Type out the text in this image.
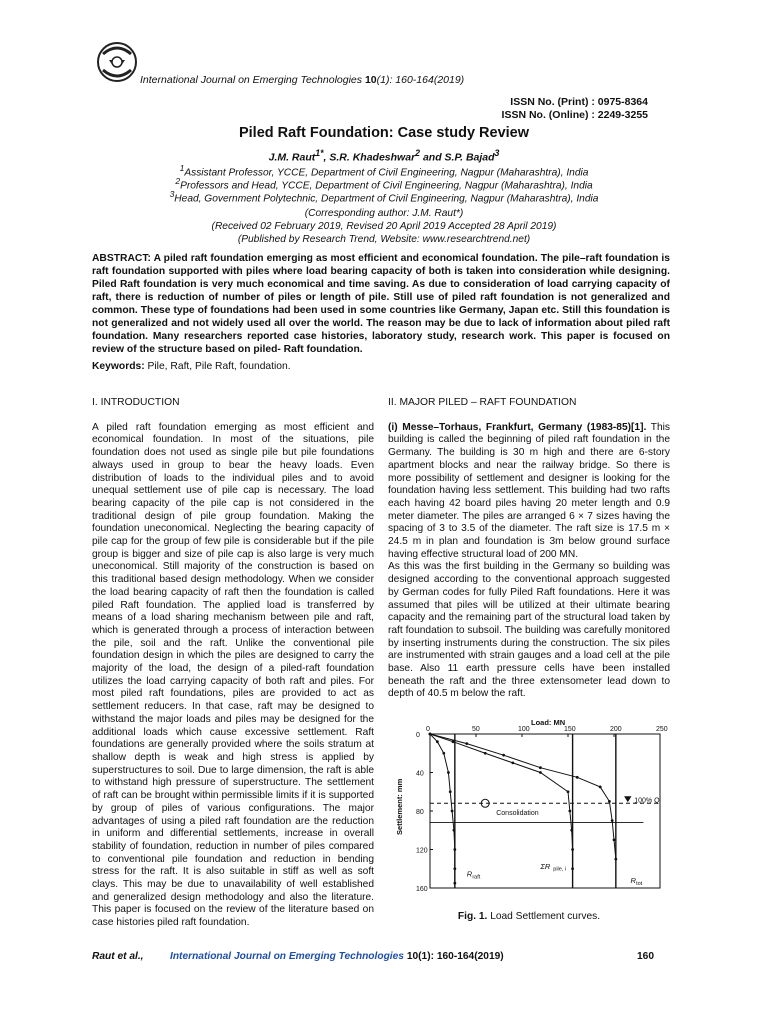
International Journal on Emerging Technologies 10(1): 160-164(2019)
ISSN No. (Print) : 0975-8364
ISSN No. (Online) : 2249-3255
Piled Raft Foundation: Case study Review
J.M. Raut$^{1*}$, S.R. Khadeshwar$^2$ and S.P. Bajad$^3$
$^1$Assistant Professor, YCCE, Department of Civil Engineering, Nagpur (Maharashtra), India
$^2$Professors and Head, YCCE, Department of Civil Engineering, Nagpur (Maharashtra), India
$^3$Head, Government Polytechnic, Department of Civil Engineering, Nagpur (Maharashtra), India
(Corresponding author: J.M. Raut*)
(Received 02 February 2019, Revised 20 April 2019 Accepted 28 April 2019)
(Published by Research Trend, Website: www.researchtrend.net)
ABSTRACT: A piled raft foundation emerging as most efficient and economical foundation. The pile–raft foundation is raft foundation supported with piles where load bearing capacity of both is taken into consideration while designing. Piled Raft foundation is very much economical and time saving. As due to consideration of load carrying capacity of raft, there is reduction of number of piles or length of pile. Still use of piled raft foundation is not generalized and common. These type of foundations had been used in some countries like Germany, Japan etc. Still this foundation is not generalized and not widely used all over the world. The reason may be due to lack of information about piled raft foundation. Many researchers reported case histories, laboratory study, research work. This paper is focused on review of the structure based on piled- Raft foundation.
Keywords: Pile, Raft, Pile Raft, foundation.
I. INTRODUCTION

A piled raft foundation emerging as most efficient and economical foundation. In most of the situations, pile foundation does not used as single pile but pile foundations always used in group to bear the heavy loads. Even distribution of loads to the individual piles and to avoid unequal settlement use of pile cap is necessary. The load bearing capacity of the pile cap is not considered in the traditional design of pile group foundation. Making the foundation uneconomical. Neglecting the bearing capacity of pile cap for the group of few pile is considerable but if the pile group is bigger and size of pile cap is also large is very much uneconomical. Still majority of the construction is based on this traditional based design methodology. When we consider the load bearing capacity of raft then the foundation is called piled Raft foundation. The applied load is transferred by means of a load sharing mechanism between pile and raft, which is generated through a process of interaction between the pile, soil and the raft. Unlike the conventional pile foundation design in which the piles are designed to carry the majority of the load, the design of a piled-raft foundation utilizes the load carrying capacity of both raft and piles. For most piled raft foundations, piles are provided to act as settlement reducers. In that case, raft may be designed to withstand the major loads and piles may be designed for the additional loads which cause excessive settlement. Raft foundations are generally provided where the soils stratum at shallow depth is weak and high stress is applied by superstructures to soil. Due to large dimension, the raft is able to withstand high pressure of superstructure. The settlement of raft can be brought within permissible limits if it is supported by group of piles of various configurations. The major advantages of using a piled raft foundation are the reduction in uniform and differential settlements, increase in overall stability of foundation, reduction in number of piles compared to conventional pile foundation and reduction in bending stress for the raft. It is also suitable in stiff as well as soft clays. This may be due to unavailability of well established and generalized design methodology and also the literature. This paper is focused on the review of the literature based on case histories piled raft foundation.

II. MAJOR PILED – RAFT FOUNDATION

(i) Messe–Torhaus, Frankfurt, Germany (1983-85)[1]. This building is called the beginning of piled raft foundation in the Germany. The building is 30 m high and there are 6-story apartment blocks and near the railway bridge. So there is more possibility of settlement and designer is looking for the foundation having less settlement. This building had two rafts each having 42 board piles having 20 meter length and 0.9 meter diameter. The piles are arranged 6 × 7 sizes having the spacing of 3 to 3.5 of the diameter. The raft size is 17.5 m × 24.5 m in plan and foundation is 3m below ground surface having effective structural load of 200 MN.

As this was the first building in the Germany so building was designed according to the conventional approach suggested by German codes for fully Piled Raft foundations. Here it was assumed that piles will be utilized at their ultimate bearing capacity and the remaining part of the structural load taken by raft foundation to subsoil. The building was carefully monitored by inserting instruments during the construction. The six piles are instrumented with strain gauges and a load cell at the pile base. Also 11 earth pressure cells have been installed beneath the raft and the three extensometer lead down to depth of 40.5 m below the raft.

Load: MN
0	50	100	150	200	250
0
40
80
120
160
Settlement: mm	100% Q
Consolidation
R raft
ΣR pile, i
R tot
Fig. 1. Load Settlement curves.
Raut et al.,	International Journal on Emerging Technologies 10(1): 160-164(2019)	160
